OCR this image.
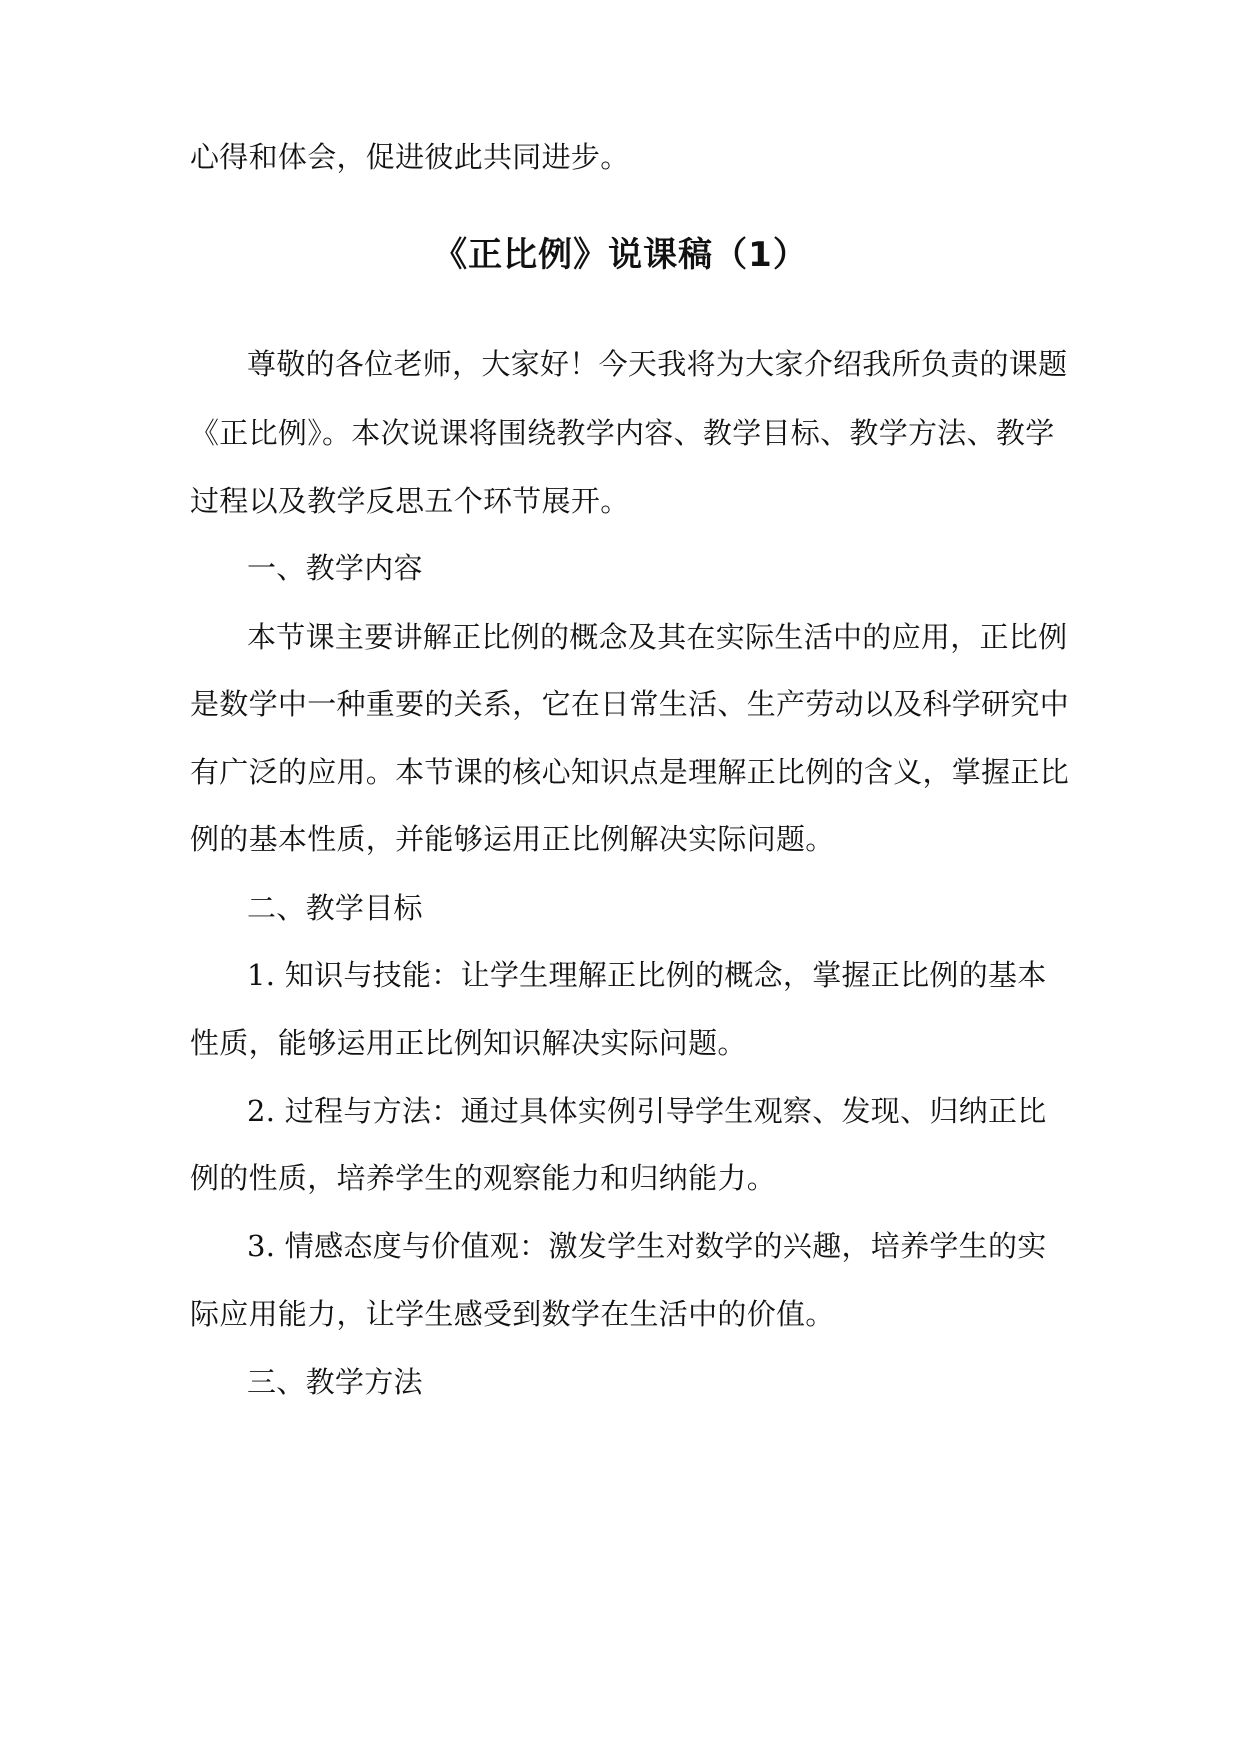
心得和体会，促进彼此共同进步。
《正比例》说课稿（1）
尊敬的各位老师，大家好！今天我将为大家介绍我所负责的课题
《正比例》。本次说课将围绕教学内容、教学目标、教学方法、教学
过程以及教学反思五个环节展开。
一、教学内容
本节课主要讲解正比例的概念及其在实际生活中的应用，正比例
是数学中一种重要的关系，它在日常生活、生产劳动以及科学研究中
有广泛的应用。本节课的核心知识点是理解正比例的含义，掌握正比
例的基本性质，并能够运用正比例解决实际问题。
二、教学目标
1. 知识与技能：让学生理解正比例的概念，掌握正比例的基本
性质，能够运用正比例知识解决实际问题。
2. 过程与方法：通过具体实例引导学生观察、发现、归纳正比
例的性质，培养学生的观察能力和归纳能力。
3. 情感态度与价值观：激发学生对数学的兴趣，培养学生的实
际应用能力，让学生感受到数学在生活中的价值。
三、教学方法
